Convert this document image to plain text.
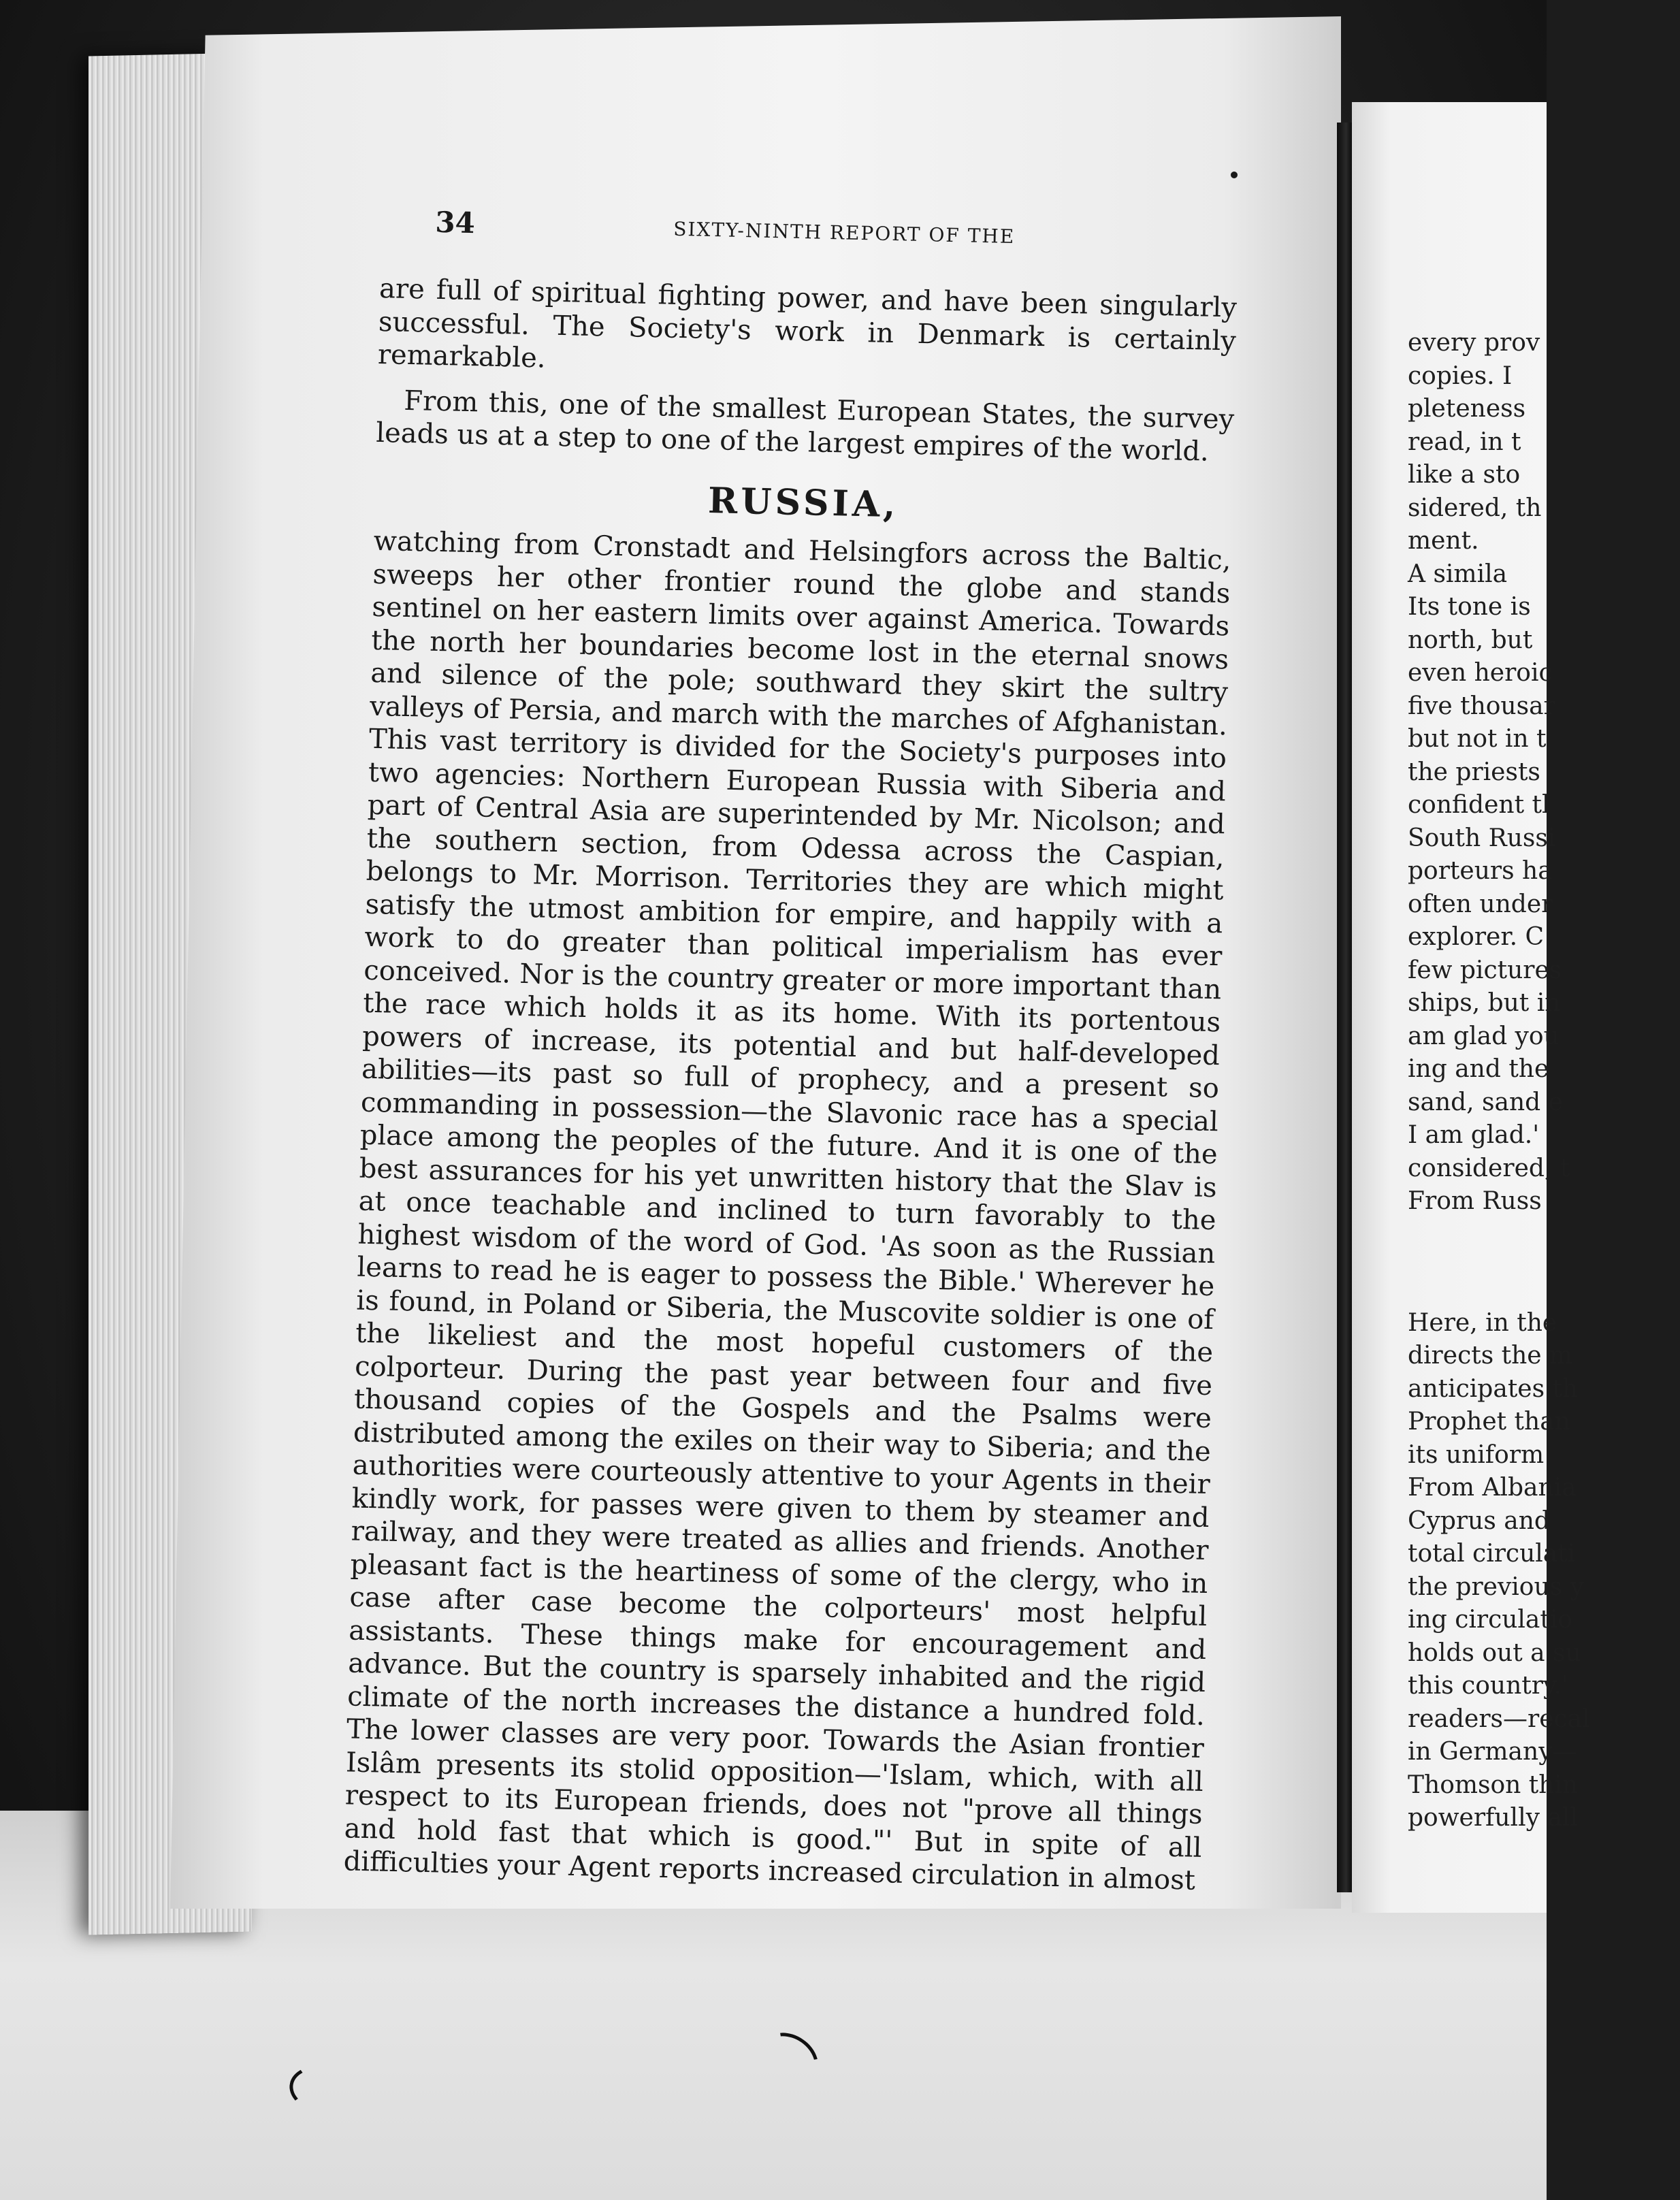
34	SIXTY-NINTH REPORT OF THE

are full of spiritual fighting power, and have been singularly successful. The Society's work in Denmark is certainly remarkable.

From this, one of the smallest European States, the survey leads us at a step to one of the largest empires of the world.

RUSSIA,

watching from Cronstadt and Helsingfors across the Baltic, sweeps her other frontier round the globe and stands sentinel on her eastern limits over against America. Towards the north her boundaries become lost in the eternal snows and silence of the pole; southward they skirt the sultry valleys of Persia, and march with the marches of Afghanistan. This vast territory is divided for the Society's purposes into two agencies: Northern European Russia with Siberia and part of Central Asia are superintended by Mr. Nicolson; and the southern section, from Odessa across the Caspian, belongs to Mr. Morrison. Territories they are which might satisfy the utmost ambition for empire, and happily with a work to do greater than political imperialism has ever conceived. Nor is the country greater or more important than the race which holds it as its home. With its portentous powers of increase, its potential and but half-developed abilities—its past so full of prophecy, and a present so commanding in possession—the Slavonic race has a special place among the peoples of the future. And it is one of the best assurances for his yet unwritten history that the Slav is at once teachable and inclined to turn favorably to the highest wisdom of the word of God. 'As soon as the Russian learns to read he is eager to possess the Bible.' Wherever he is found, in Poland or Siberia, the Muscovite soldier is one of the likeliest and the most hopeful customers of the colporteur. During the past year between four and five thousand copies of the Gospels and the Psalms were distributed among the exiles on their way to Siberia; and the authorities were courteously attentive to your Agents in their kindly work, for passes were given to them by steamer and railway, and they were treated as allies and friends. Another pleasant fact is the heartiness of some of the clergy, who in case after case become the colporteurs' most helpful assistants. These things make for encouragement and advance. But the country is sparsely inhabited and the rigid climate of the north increases the distance a hundred fold. The lower classes are very poor. Towards the Asian frontier Islâm presents its stolid opposition—'Islam, which, with all respect to its European friends, does not "prove all things and hold fast that which is good."' But in spite of all difficulties your Agent reports increased circulation in almost

every prov
copies. I
pleteness
read, in t
like a sto
sidered, th
ment.
A simila
Its tone is
north, but
even heroic
five thousar
but not in t
the priests
confident tl
South Russi
porteurs ha
often under
explorer. C
few pictures
ships, but in
am glad you
ing and the
sand, sand e
I am glad.'
considered, t
From Russ
Here, in the
directs the m
anticipates th
Prophet than
its uniform
From Albania
Cyprus and
total circulati
the previous y
ing circulatio
holds out a su
this country.'
readers—recal
in Germany—
Thomson thin
powerfully all
